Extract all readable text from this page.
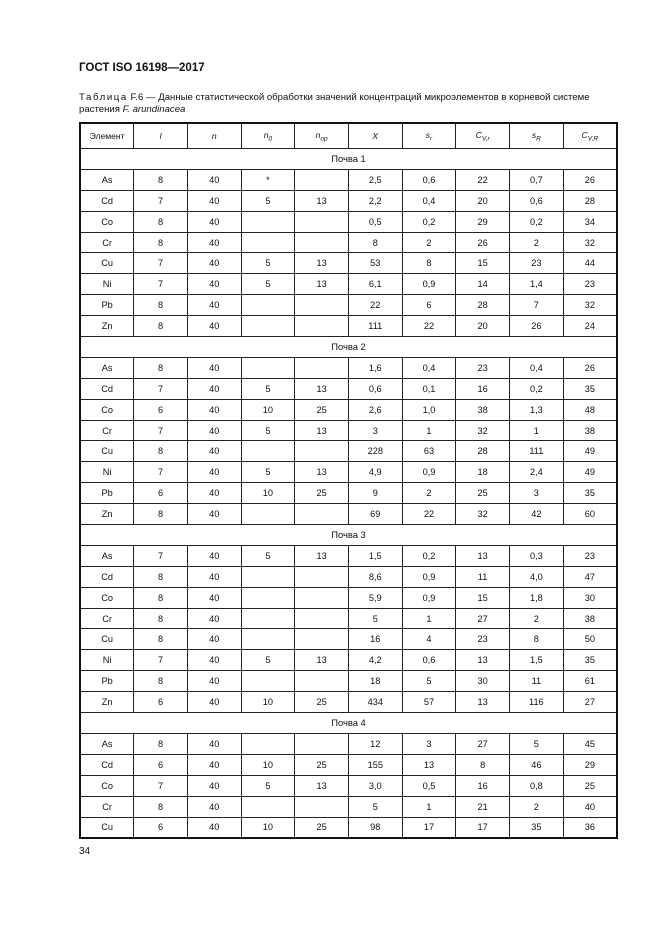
ГОСТ ISO 16198—2017
Таблица F.6 — Данные статистической обработки значений концентраций микроэлементов в корневой системе растения F. arundinacea
Элемент	l	n	$n_0$	$n_{op}$	X	$s_r$	$C_{V,r}$	$s_R$	$C_{V,R}$
Почва 1									
As	8	40	*		2,5	0,6	22	0,7	26
Cd	7	40	5	13	2,2	0,4	20	0,6	28
Co	8	40			0,5	0,2	29	0,2	34
Cr	8	40			8	2	26	2	32
Cu	7	40	5	13	53	8	15	23	44
Ni	7	40	5	13	6,1	0,9	14	1,4	23
Pb	8	40			22	6	28	7	32
Zn	8	40			111	22	20	26	24
Почва 2									
As	8	40			1,6	0,4	23	0,4	26
Cd	7	40	5	13	0,6	0,1	16	0,2	35
Co	6	40	10	25	2,6	1,0	38	1,3	48
Cr	7	40	5	13	3	1	32	1	38
Cu	8	40			228	63	28	111	49
Ni	7	40	5	13	4,9	0,9	18	2,4	49
Pb	6	40	10	25	9	2	25	3	35
Zn	8	40			69	22	32	42	60
Почва 3									
As	7	40	5	13	1,5	0,2	13	0,3	23
Cd	8	40			8,6	0,9	11	4,0	47
Co	8	40			5,9	0,9	15	1,8	30
Cr	8	40			5	1	27	2	38
Cu	8	40			16	4	23	8	50
Ni	7	40	5	13	4,2	0,6	13	1,5	35
Pb	8	40			18	5	30	11	61
Zn	6	40	10	25	434	57	13	116	27
Почва 4									
As	8	40			12	3	27	5	45
Cd	6	40	10	25	155	13	8	46	29
Co	7	40	5	13	3,0	0,5	16	0,8	25
Cr	8	40			5	1	21	2	40
Cu	6	40	10	25	98	17	17	35	36
34
